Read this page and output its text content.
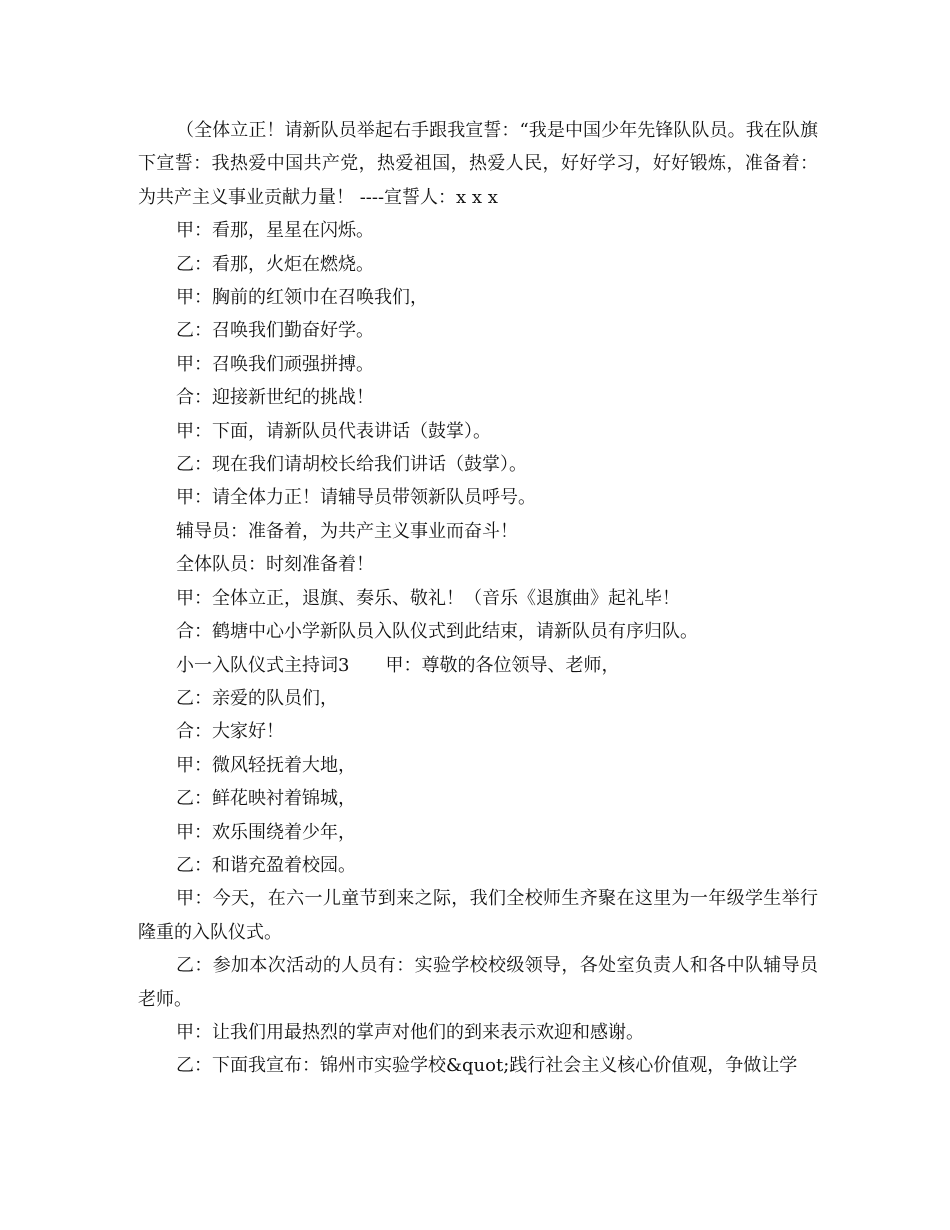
（全体立正！请新队员举起右手跟我宣誓：“我是中国少年先锋队队员。我在队旗下宣誓：我热爱中国共产党，热爱祖国，热爱人民，好好学习，好好锻炼，准备着：为共产主义事业贡献力量！ ----宣誓人：x x x

甲：看那，星星在闪烁。

乙：看那，火炬在燃烧。

甲：胸前的红领巾在召唤我们，

乙：召唤我们勤奋好学。

甲：召唤我们顽强拼搏。

合：迎接新世纪的挑战！

甲：下面，请新队员代表讲话（鼓掌）。

乙：现在我们请胡校长给我们讲话（鼓掌）。

甲：请全体力正！请辅导员带领新队员呼号。

辅导员：准备着，为共产主义事业而奋斗！

全体队员：时刻准备着！

甲：全体立正，退旗、奏乐、敬礼！（音乐《退旗曲》起礼毕！

合：鹤塘中心小学新队员入队仪式到此结束，请新队员有序归队。

小一入队仪式主持词3　　甲：尊敬的各位领导、老师，

乙：亲爱的队员们，

合：大家好！

甲：微风轻抚着大地，

乙：鲜花映衬着锦城，

甲：欢乐围绕着少年，

乙：和谐充盈着校园。

甲：今天，在六一儿童节到来之际，我们全校师生齐聚在这里为一年级学生举行隆重的入队仪式。

乙：参加本次活动的人员有：实验学校校级领导，各处室负责人和各中队辅导员老师。

甲：让我们用最热烈的掌声对他们的到来表示欢迎和感谢。

乙：下面我宣布：锦州市实验学校&quot;践行社会主义核心价值观，争做让学
